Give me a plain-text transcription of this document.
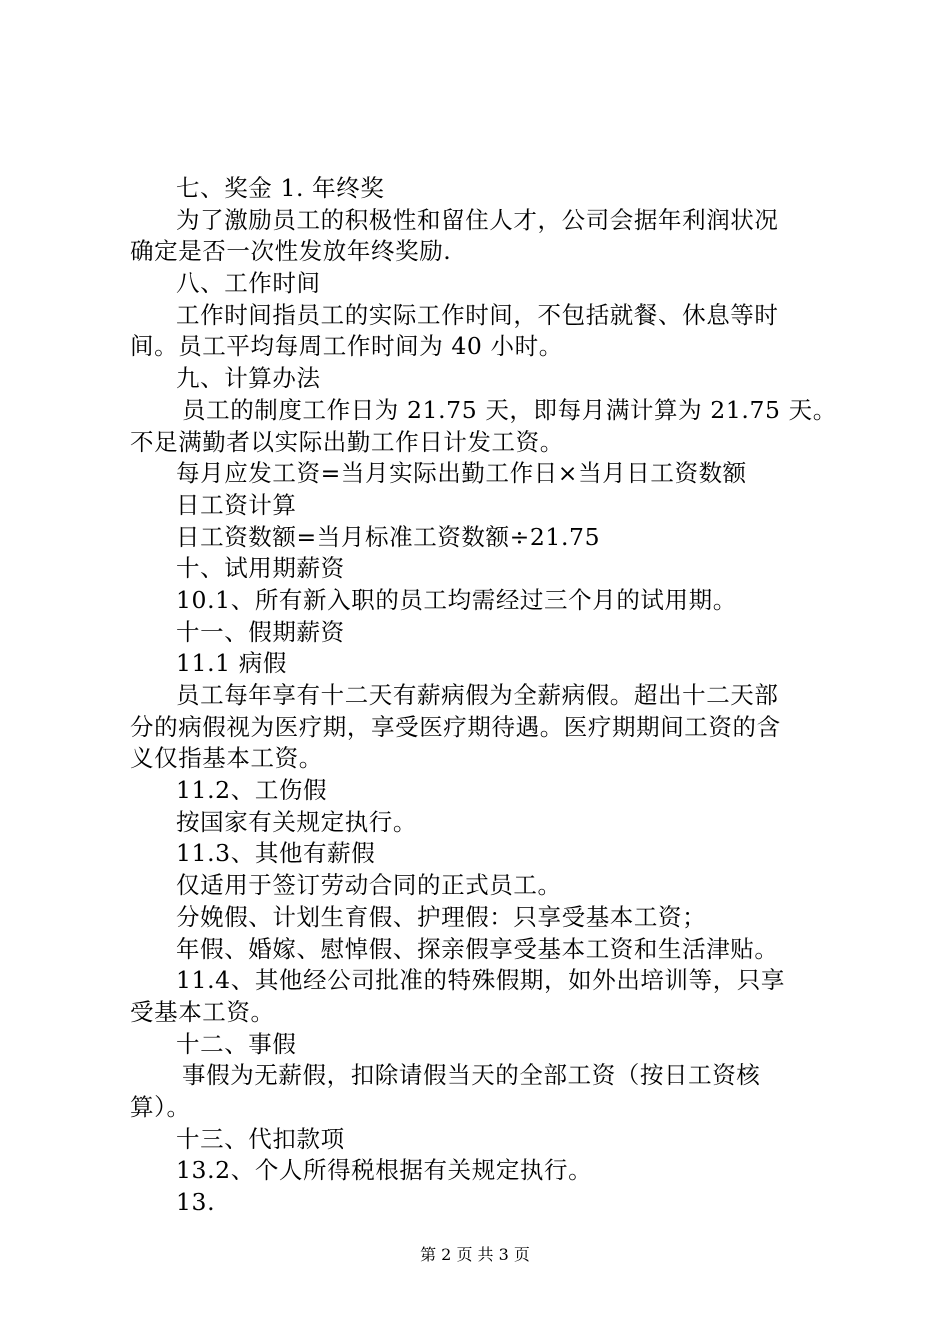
七、奖金 1. 年终奖
为了激励员工的积极性和留住人才，公司会据年利润状况
确定是否一次性发放年终奖励.
八、工作时间
工作时间指员工的实际工作时间，不包括就餐、休息等时
间。员工平均每周工作时间为 40 小时。
九、计算办法
员工的制度工作日为 21.75 天，即每月满计算为 21.75 天。
不足满勤者以实际出勤工作日计发工资。
每月应发工资=当月实际出勤工作日×当月日工资数额
日工资计算
日工资数额=当月标准工资数额÷21.75
十、试用期薪资
10.1、所有新入职的员工均需经过三个月的试用期。
十一、假期薪资
11.1 病假
员工每年享有十二天有薪病假为全薪病假。超出十二天部
分的病假视为医疗期，享受医疗期待遇。医疗期期间工资的含
义仅指基本工资。
11.2、工伤假
按国家有关规定执行。
11.3、其他有薪假
仅适用于签订劳动合同的正式员工。
分娩假、计划生育假、护理假：只享受基本工资；
年假、婚嫁、慰悼假、探亲假享受基本工资和生活津贴。
11.4、其他经公司批准的特殊假期，如外出培训等，只享
受基本工资。
十二、事假
事假为无薪假，扣除请假当天的全部工资（按日工资核
算）。
十三、代扣款项
13.2、个人所得税根据有关规定执行。
13.
第 2 页 共 3 页
